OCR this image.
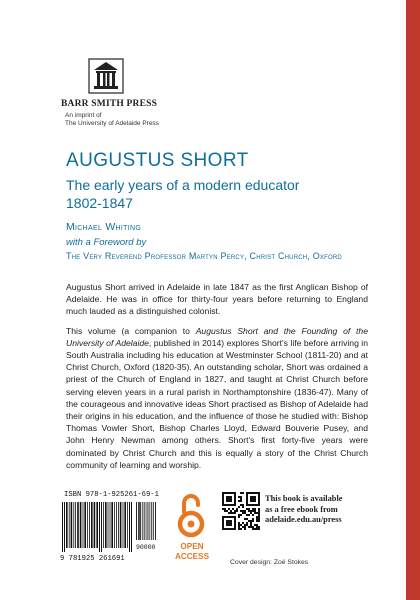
BARR SMITH PRESS
An imprint of
The University of Adelaide Press
AUGUSTUS SHORT
The early years of a modern educator
1802-1847
Michael Whiting
with a Foreword by
The Very Reverend Professor Martyn Percy, Christ Church, Oxford

Augustus Short arrived in Adelaide in late 1847 as the first Anglican Bishop of Adelaide. He was in office for thirty-four years before returning to England much lauded as a distinguished colonist.

This volume (a companion to Augustus Short and the Founding of the University of Adelaide, published in 2014) explores Short's life before arriving in South Australia including his education at Westminster School (1811-20) and at Christ Church, Oxford (1820-35). An outstanding scholar, Short was ordained a priest of the Church of England in 1827, and taught at Christ Church before serving eleven years in a rural parish in Northamptonshire (1836-47). Many of the courageous and innovative ideas Short practised as Bishop of Adelaide had their origins in his education, and the influence of those he studied with: Bishop Thomas Vowler Short, Bishop Charles Lloyd, Edward Bouverie Pusey, and John Henry Newman among others. Short's first forty-five years were dominated by Christ Church and this is equally a story of the Christ Church community of learning and worship.

ISBN 978-1-925261-69-1
90000
9 781925 261691
OPEN
ACCESS
This book is available
as a free ebook from
adelaide.edu.au/press
Cover design: Zoë Stokes
